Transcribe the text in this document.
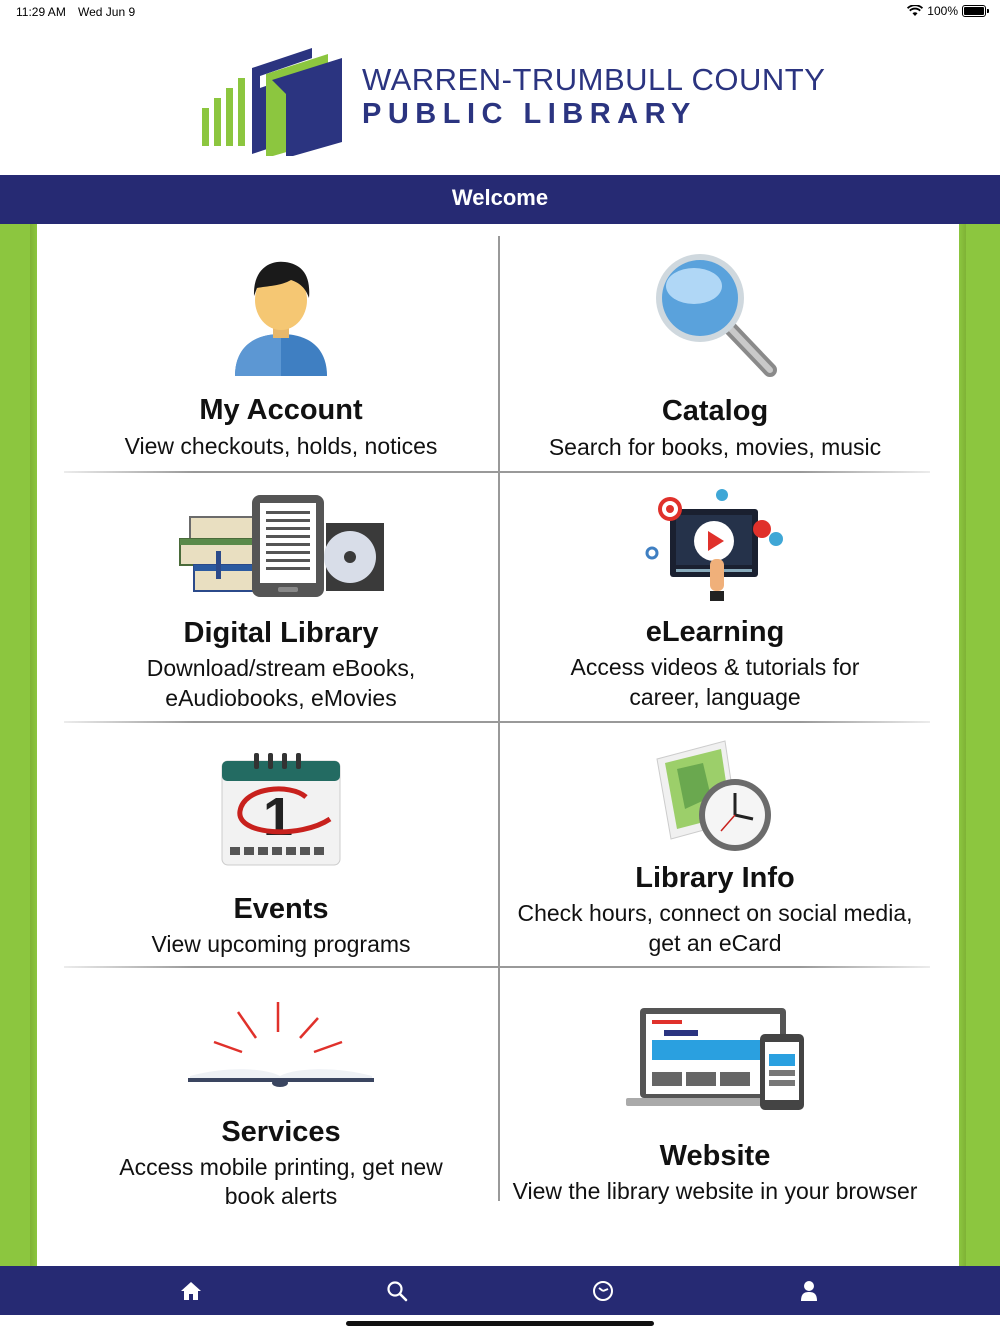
11:29 AM Wed Jun 9	100%
WARREN-TRUMBULL COUNTY
PUBLIC LIBRARY
Welcome
My Account
View checkouts, holds, notices
Catalog
Search for books, movies, music
Digital Library
Download/stream eBooks,
eAudiobooks, eMovies
eLearning
Access videos & tutorials for
career, language
1
Events
View upcoming programs
Library Info
Check hours, connect on social media,
get an eCard
Services
Access mobile printing, get new
book alerts
Website
View the library website in your browser
